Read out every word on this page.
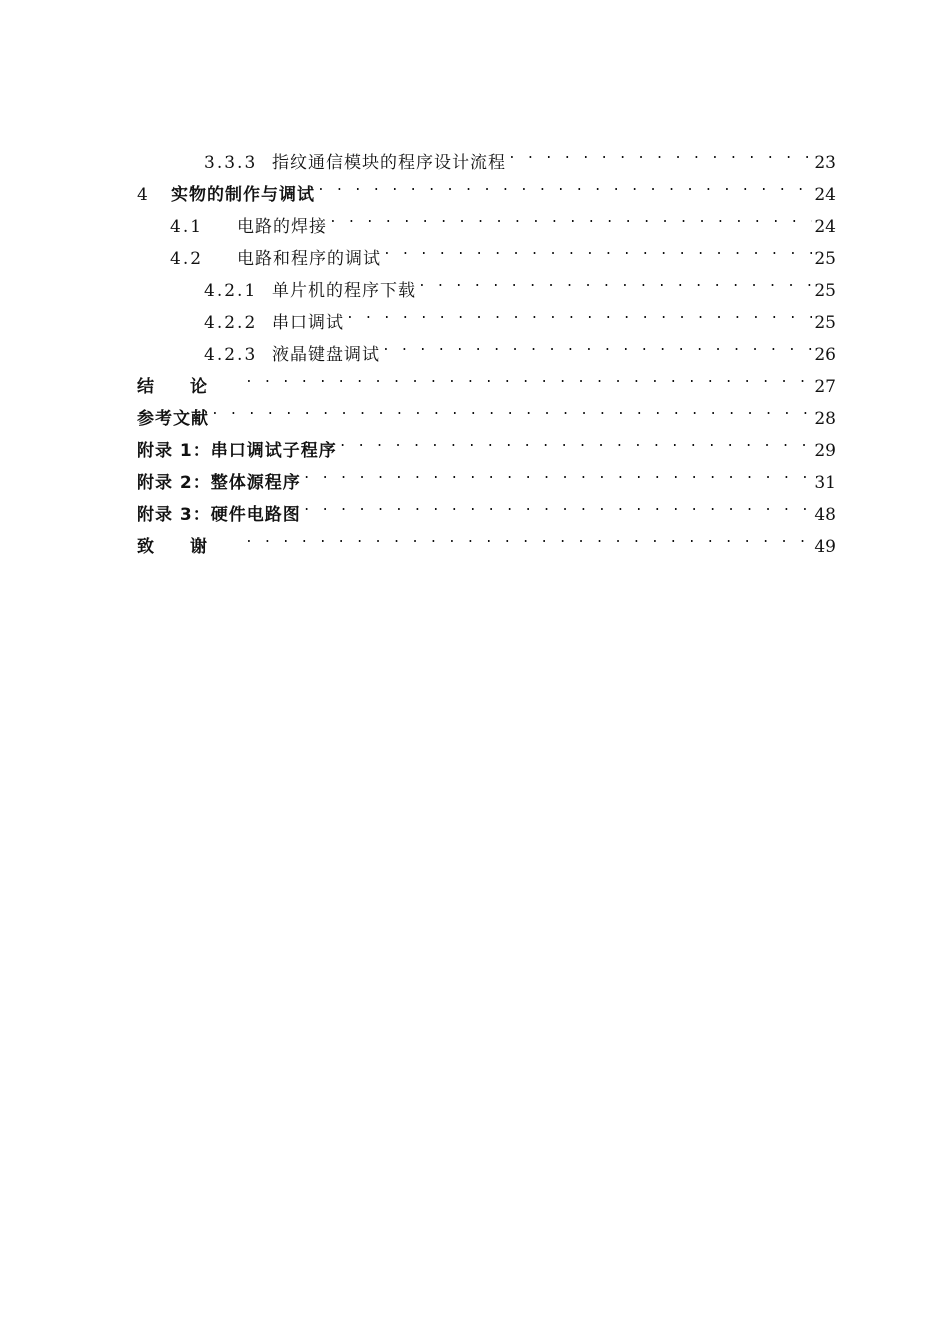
3.3.3 指纹通信模块的程序设计流程 . . .	23
4	实物的制作与调试 . . .	24
4.1	电路的焊接 . . .	24
4.2	电路和程序的调试 . . .	25
4.2.1 单片机的程序下载 . . .	25
4.2.2 串口调试 . . .	25
4.2.3 液晶键盘调试 . . .	26
结论 . . .	27
参考文献 . . .	28
附录 1：串口调试子程序 . . .	29
附录 2：整体源程序 . . .	31
附录 3：硬件电路图 . . .	48
致谢 . . .	49
